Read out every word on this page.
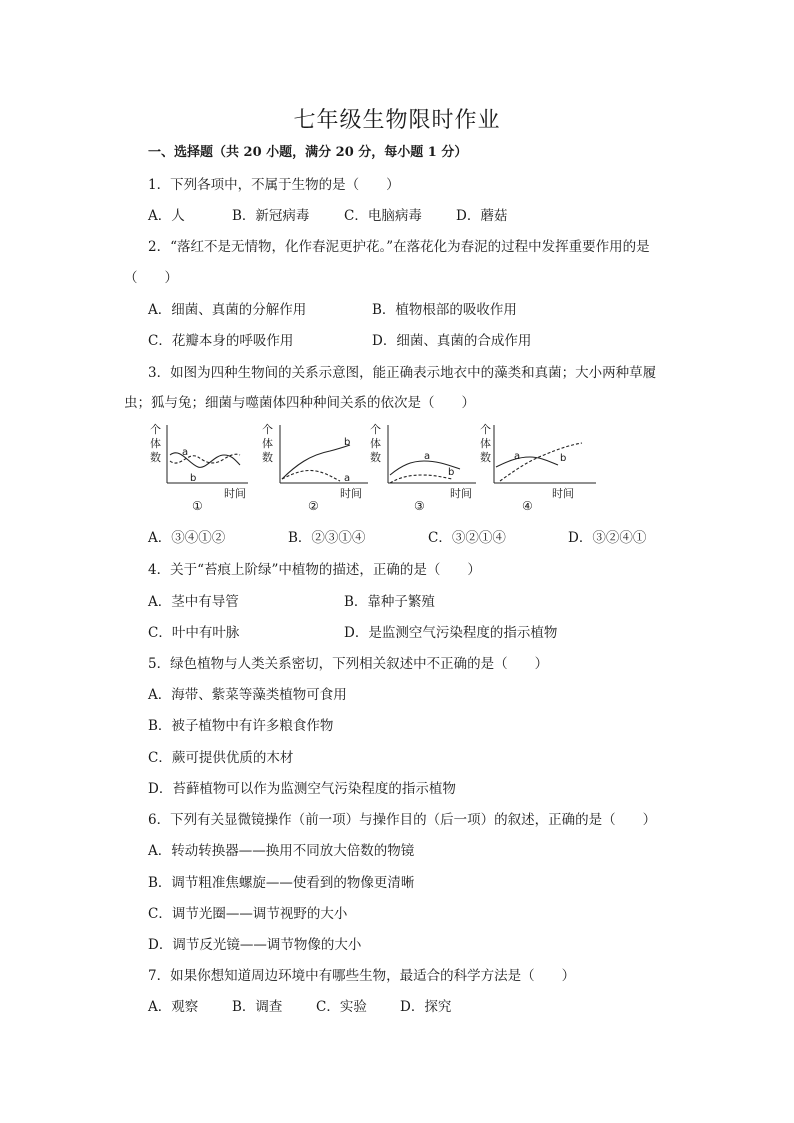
七年级生物限时作业
一、选择题（共 20 小题，满分 20 分，每小题 1 分）
1．下列各项中，不属于生物的是（　　）
A．人	B．新冠病毒	C．电脑病毒	D．蘑菇
2．“落红不是无情物，化作春泥更护花。”在落花化为春泥的过程中发挥重要作用的是
（　　）
A．细菌、真菌的分解作用	B．植物根部的吸收作用
C．花瓣本身的呼吸作用	D．细菌、真菌的合成作用
3．如图为四种生物间的关系示意图，能正确表示地衣中的藻类和真菌；大小两种草履
虫；狐与兔；细菌与噬菌体四种种间关系的依次是（　　）
个
体
数 a
b
时间
①
个
体
数
b
a
时间
②
个
体
数	a
b
时间
③
个
体
数 a	b
时间
④
A．③④①②	B．②③①④	C．③②①④	D．③②④①
4．关于“苔痕上阶绿”中植物的描述，正确的是（　　）
A．茎中有导管	B．靠种子繁殖
C．叶中有叶脉	D．是监测空气污染程度的指示植物
5．绿色植物与人类关系密切，下列相关叙述中不正确的是（　　）
A．海带、紫菜等藻类植物可食用
B．被子植物中有许多粮食作物
C．蕨可提供优质的木材
D．苔藓植物可以作为监测空气污染程度的指示植物
6．下列有关显微镜操作（前一项）与操作目的（后一项）的叙述，正确的是（　　）
A．转动转换器——换用不同放大倍数的物镜
B．调节粗准焦螺旋——使看到的物像更清晰
C．调节光圈——调节视野的大小
D．调节反光镜——调节物像的大小
7．如果你想知道周边环境中有哪些生物，最适合的科学方法是（　　）
A．观察	B．调查 C．实验 D．探究
